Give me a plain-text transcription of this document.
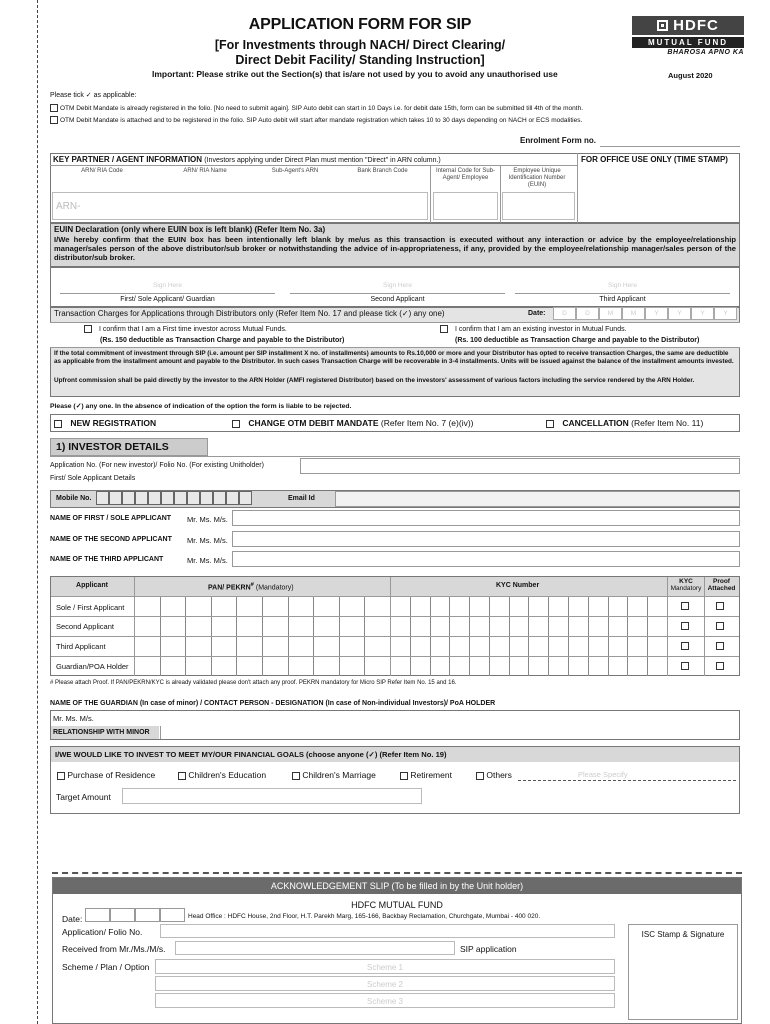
APPLICATION FORM FOR SIP
[For Investments through NACH/ Direct Clearing/
Direct Debit Facility/ Standing Instruction]
Important: Please strike out the Section(s) that is/are not used by you to avoid any unauthorised use	August 2020
HDFC
MUTUAL FUND
BHAROSA APNO KA
Please tick ✓ as applicable:
OTM Debit Mandate is already registered in the folio. [No need to submit again]. SIP Auto debit can start in 10 Days i.e. for debit date 15th, form can be submitted till 4th of the month.
OTM Debit Mandate is attached and to be registered in the folio. SIP Auto debit will start after mandate registration which takes 10 to 30 days depending on NACH or ECS modalities.
Enrolment Form no.
KEY PARTNER / AGENT INFORMATION (Investors applying under Direct Plan must mention "Direct" in ARN column.)	FOR OFFICE USE ONLY (TIME STAMP)
ARN/ RIA Code	ARN/ RIA Name	Sub-Agent's ARN	Bank Branch Code	Internal Code for Sub-Agent/ Employee
Employee Unique Identification Number (EUIN)
ARN-
EUIN Declaration (only where EUIN box is left blank) (Refer Item No. 3a)
I/We hereby confirm that the EUIN box has been intentionally left blank by me/us as this transaction is executed without any interaction or advice by the employee/relationship manager/sales person of the above distributor/sub broker or notwithstanding the advice of in-appropriateness, if any, provided by the employee/relationship manager/sales person of the distributor/sub broker.
Sign Here	Sign Here	Sign Here
First/ Sole Applicant/ Guardian	Second Applicant	Third Applicant
Transaction Charges for Applications through Distributors only (Refer Item No. 17 and please tick (✓) any one)	Date:	D	D	M	M	Y	Y	Y	Y
I confirm that I am a First time investor across Mutual Funds.
(Rs. 150 deductible as Transaction Charge and payable to the Distributor)
I confirm that I am an existing investor in Mutual Funds.
(Rs. 100 deductible as Transaction Charge and payable to the Distributor)
If the total commitment of investment through SIP (i.e. amount per SIP installment X no. of installments) amounts to Rs.10,000 or more and your Distributor has opted to receive transaction Charges, the same are deductible as applicable from the installment amount and payable to the Distributor. In such cases Transaction Charge will be recoverable in 3-4 installments. Units will be issued against the balance of the installment amounts invested.
Upfront commission shall be paid directly by the investor to the ARN Holder (AMFI registered Distributor) based on the investors' assessment of various factors including the service rendered by the ARN Holder.
Please (✓) any one. In the absence of indication of the option the form is liable to be rejected.
NEW REGISTRATION	CHANGE OTM DEBIT MANDATE (Refer Item No. 7 (e)(iv))	CANCELLATION (Refer Item No. 11)
1) INVESTOR DETAILS
Application No. (For new investor)/ Folio No. (For existing Unitholder)
First/ Sole Applicant Details
Mobile No.	Email Id
NAME OF FIRST / SOLE APPLICANT Mr. Ms. M/s.
NAME OF THE SECOND APPLICANT Mr. Ms. M/s.
NAME OF THE THIRD APPLICANT	Mr. Ms. M/s.
Applicant	PAN/ PEKRN# (Mandatory)	KYC Number
KYC
Mandatory
Proof
Attached
Sole / First Applicant
Second Applicant
Third Applicant
Guardian/POA Holder
# Please attach Proof. If PAN/PEKRN/KYC is already validated please don't attach any proof. PEKRN mandatory for Micro SIP Refer Item No. 15 and 16.
NAME OF THE GUARDIAN (In case of minor) / CONTACT PERSON - DESIGNATION (In case of Non-individual Investors)/ PoA HOLDER
Mr. Ms. M/s.
RELATIONSHIP WITH MINOR
I/WE WOULD LIKE TO INVEST TO MEET MY/OUR FINANCIAL GOALS (choose anyone (✓) (Refer Item No. 19)
Purchase of Residence	Children's Education	Children's Marriage	Retirement	Others	Please Specify
Target Amount
ACKNOWLEDGEMENT SLIP (To be filled in by the Unit holder)
HDFC MUTUAL FUND
Date:	Head Office : HDFC House, 2nd Floor, H.T. Parekh Marg, 165-166, Backbay Reclamation, Churchgate, Mumbai - 400 020.
Application/ Folio No.
Received from Mr./Ms./M/s.	SIP application
Scheme / Plan / Option	Scheme 1
Scheme 2
Scheme 3
ISC Stamp & Signature
